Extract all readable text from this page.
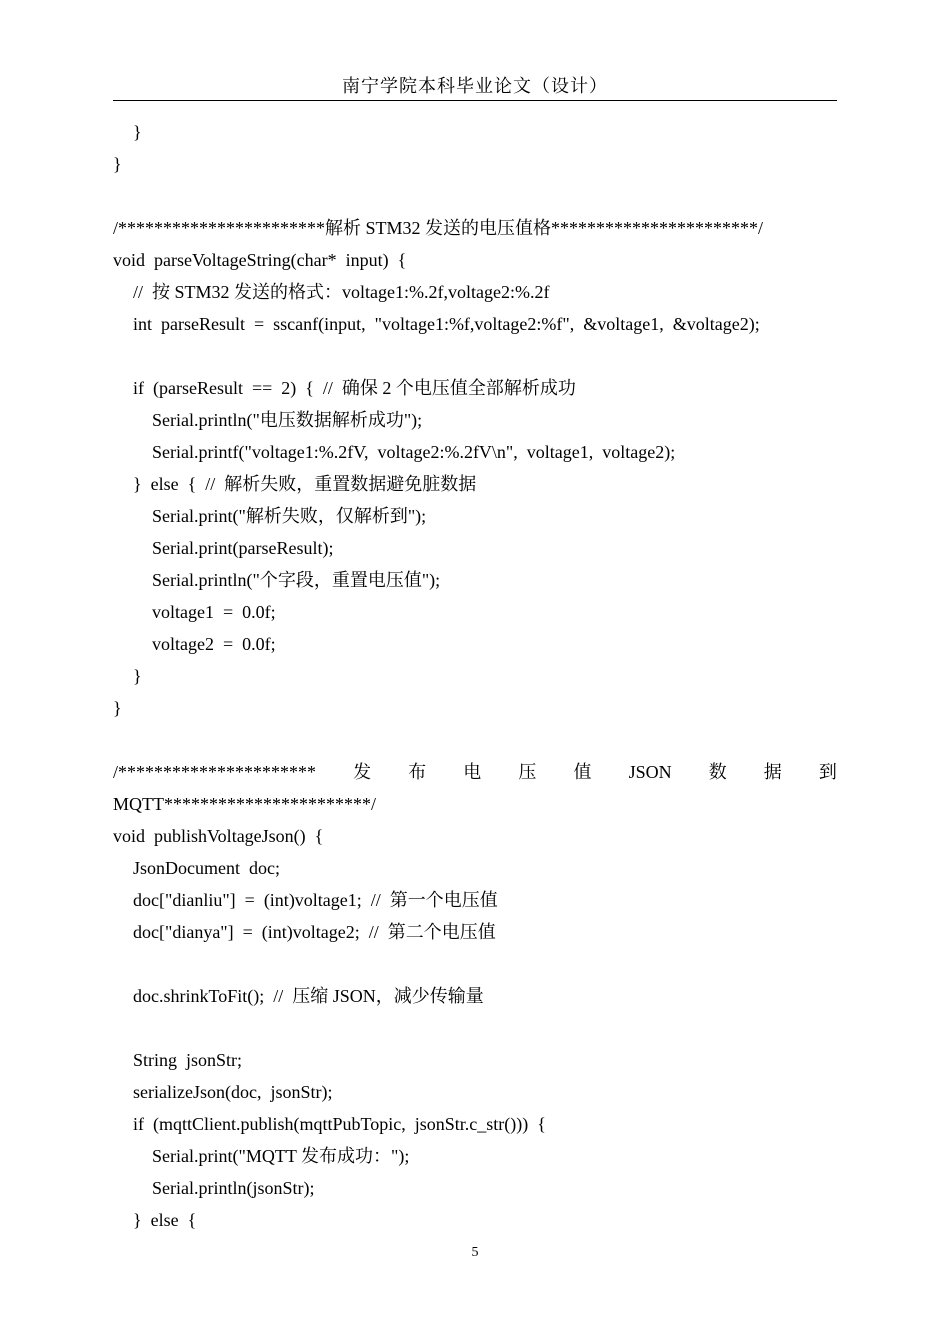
南宁学院本科毕业论文（设计）
}
}
/***********************解析 STM32 发送的电压值格***********************/
void  parseVoltageString(char*  input)  {
//  按 STM32 发送的格式：voltage1:%.2f,voltage2:%.2f
int  parseResult  =  sscanf(input,  "voltage1:%f,voltage2:%f",  &voltage1,  &voltage2);
if  (parseResult  ==  2)  {  //  确保 2 个电压值全部解析成功
Serial.println("电压数据解析成功");
Serial.printf("voltage1:%.2fV,  voltage2:%.2fV\n",  voltage1,  voltage2);
}  else  {  //  解析失败，重置数据避免脏数据
Serial.print("解析失败，仅解析到");
Serial.print(parseResult);
Serial.println("个字段，重置电压值");
voltage1  =  0.0f;
voltage2  =  0.0f;
}
}
/********************** 发 布 电 压 值 JSON 数 据 到
MQTT***********************/
void  publishVoltageJson()  {
JsonDocument  doc;
doc["dianliu"]  =  (int)voltage1;  //  第一个电压值
doc["dianya"]  =  (int)voltage2;  //  第二个电压值
doc.shrinkToFit();  //  压缩 JSON，减少传输量
String  jsonStr;
serializeJson(doc,  jsonStr);
if  (mqttClient.publish(mqttPubTopic,  jsonStr.c_str()))  {
Serial.print("MQTT 发布成功：");
Serial.println(jsonStr);
}  else  {
5
